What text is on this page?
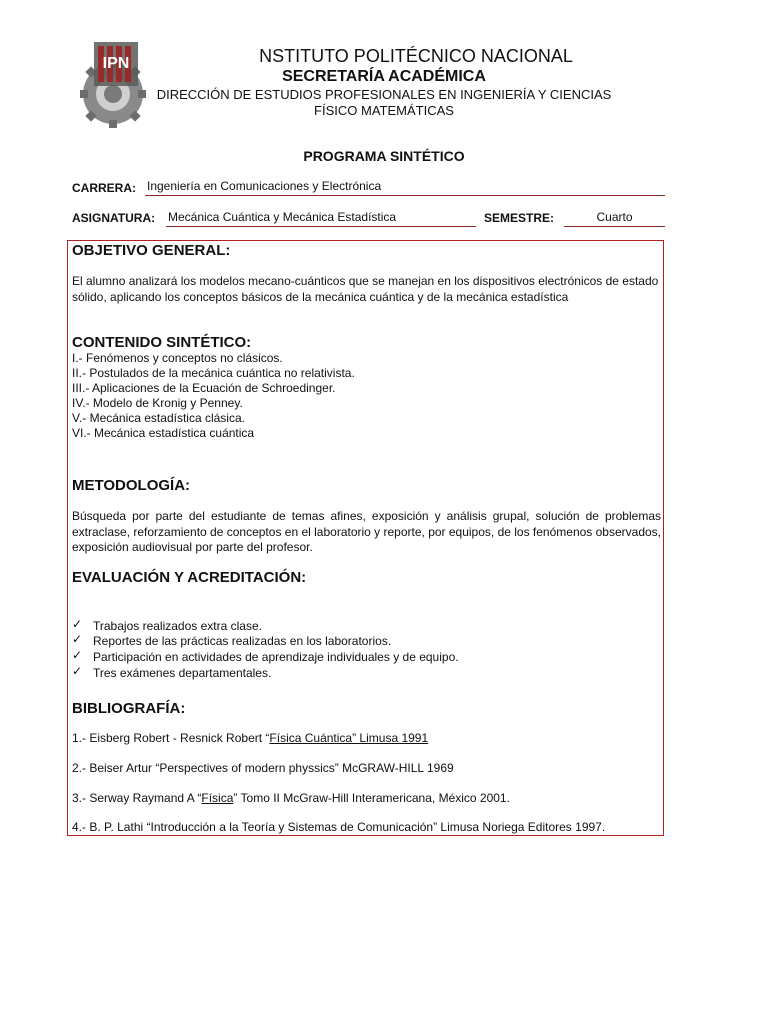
IPN	NSTITUTO POLITÉCNICO NACIONAL
SECRETARÍA ACADÉMICA
DIRECCIÓN DE ESTUDIOS PROFESIONALES EN INGENIERÍA Y CIENCIAS
FÍSICO MATEMÁTICAS
PROGRAMA SINTÉTICO
CARRERA: Ingeniería en Comunicaciones y Electrónica
ASIGNATURA: Mecánica Cuántica y Mecánica Estadística	SEMESTRE:	Cuarto
OBJETIVO GENERAL:
El alumno analizará los modelos mecano-cuánticos que se manejan en los dispositivos electrónicos de estado sólido, aplicando los conceptos básicos de la mecánica cuántica y de la mecánica estadística
CONTENIDO SINTÉTICO:
I.- Fenómenos y conceptos no clásicos.
II.- Postulados de la mecánica cuántica no relativista.
III.- Aplicaciones de la Ecuación de Schroedinger.
IV.- Modelo de Kronig y Penney.
V.- Mecánica estadística clásica.
VI.- Mecánica estadística cuántica
METODOLOGÍA:
Búsqueda por parte del estudiante de temas afines, exposición y análisis grupal, solución de problemas extraclase, reforzamiento de conceptos en el laboratorio y reporte, por equipos, de los fenómenos observados, exposición audiovisual por parte del profesor.
EVALUACIÓN Y ACREDITACIÓN:
✓ Trabajos realizados extra clase.
✓ Reportes de las prácticas realizadas en los laboratorios.
✓ Participación en actividades de aprendizaje individuales y de equipo.
✓ Tres exámenes departamentales.
BIBLIOGRAFÍA:
1.- Eisberg Robert - Resnick Robert “Física Cuántica” Limusa 1991
2.- Beiser Artur “Perspectives of modern physsics” McGRAW-HILL 1969
3.- Serway Raymand A “Física” Tomo II McGraw-Hill Interamericana, México 2001.
4.- B. P. Lathi “Introducción a la Teoría y Sistemas de Comunicación” Limusa Noriega Editores 1997.
